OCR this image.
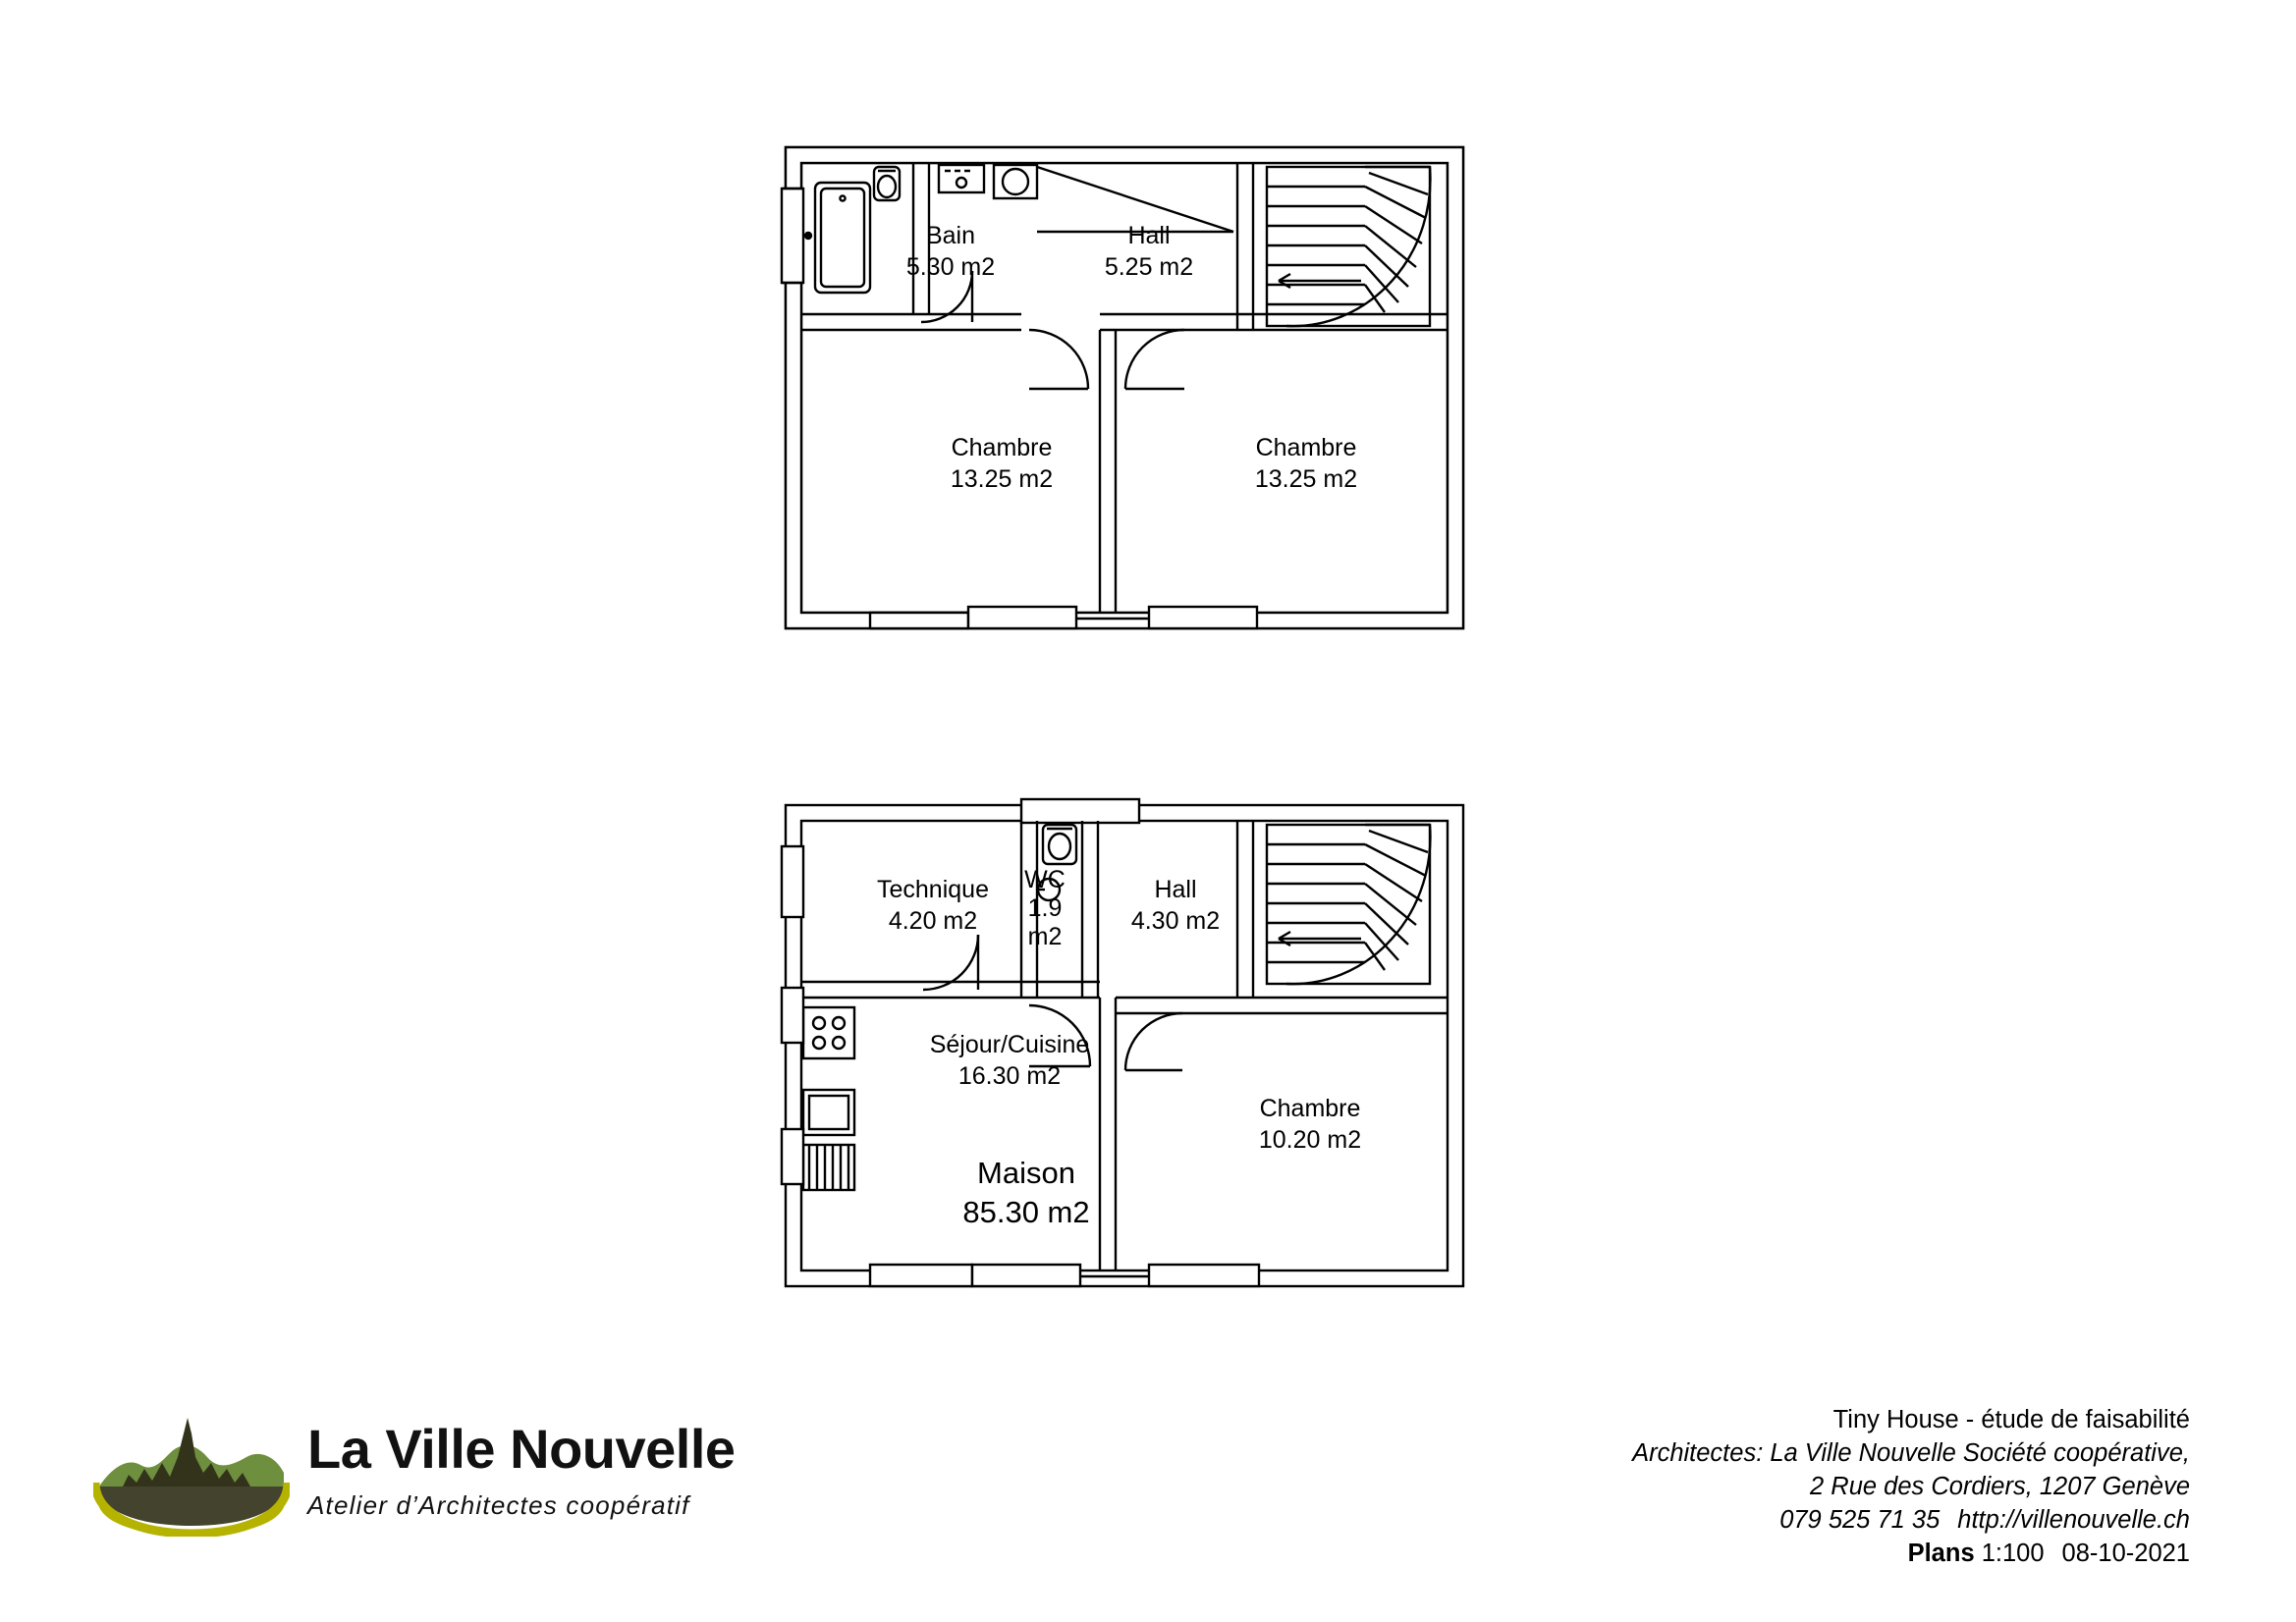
Bain
5.30 m2
Hall
5.25 m2
Chambre
13.25 m2
Chambre
13.25 m2
Technique
4.20 m2
WC
1.9 m2
Hall
4.30 m2
Séjour/Cuisine
16.30 m2
Chambre
10.20 m2
Maison
85.30 m2
La Ville Nouvelle
Atelier d’Architectes coopératif
Tiny House - étude de faisabilité
Architectes: La Ville Nouvelle Société coopérative,
2 Rue des Cordiers, 1207 Genève
079 525 71 35 http://villenouvelle.ch
Plans 1:100 08-10-2021
